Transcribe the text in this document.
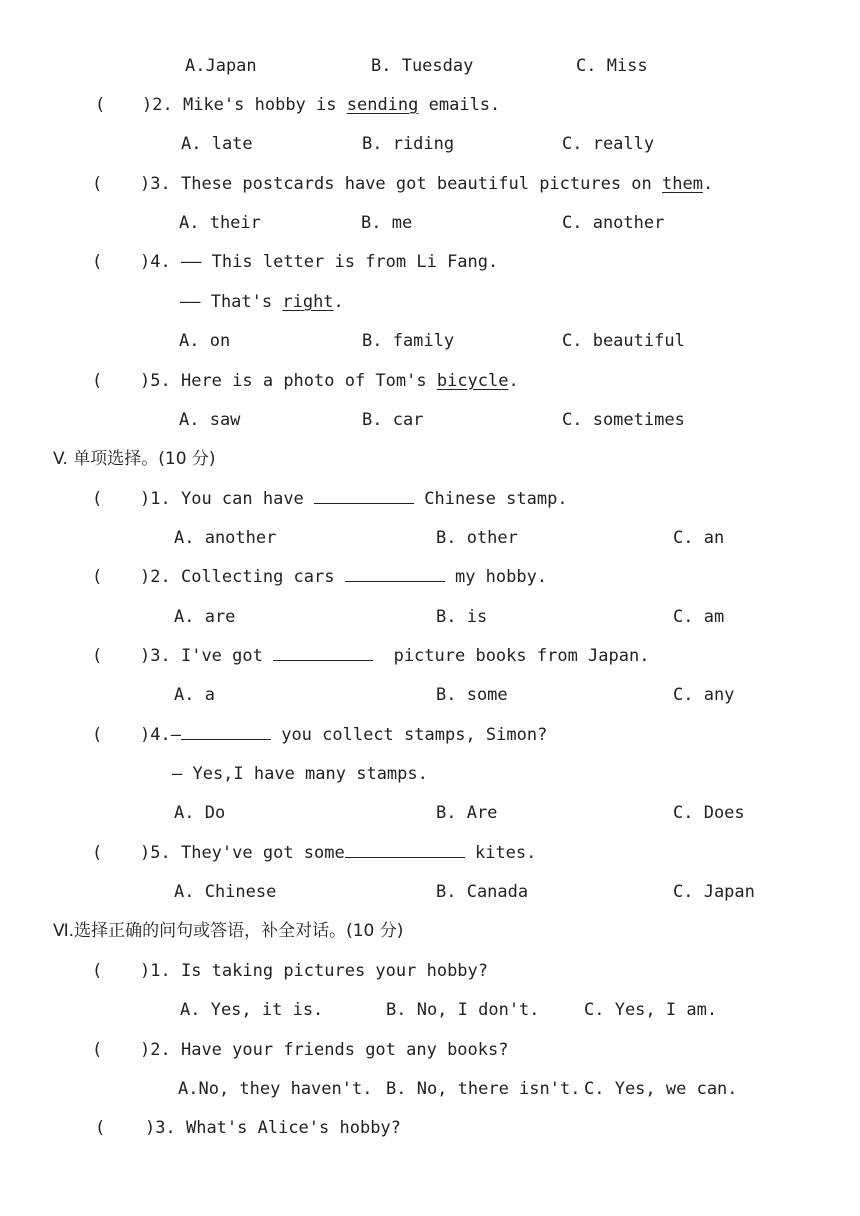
A.Japan	B. Tuesday	C. Miss
( )2. Mike's hobby is sending emails.
A. late	B. riding	C. really
( )3. These postcards have got beautiful pictures on them.
A. their	B. me	C. another
( )4. —— This letter is from Li Fang.
—— That's right.
A. on	B. family	C. beautiful
( )5. Here is a photo of Tom's bicycle.
A. saw	B. car	C. sometimes
V. 单项选择。(10 分)
( )1. You can have	Chinese stamp.
A. another	B. other	C. an
( )2. Collecting cars	my hobby.
A. are	B. is	C. am
( )3. I've got	picture books from Japan.
A. a	B. some	C. any
( )4.—	you collect stamps, Simon?
— Yes,I have many stamps.
A. Do	B. Are	C. Does
( )5. They've got some	kites.
A. Chinese	B. Canada	C. Japan
Ⅵ.选择正确的问句或答语，补全对话。(10 分)
( )1. Is taking pictures your hobby?
A. Yes, it is.	B. No, I don't.	C. Yes, I am.
( )2. Have your friends got any books?
A.No, they haven't. B. No, there isn't. C. Yes, we can.
( )3. What's Alice's hobby?
